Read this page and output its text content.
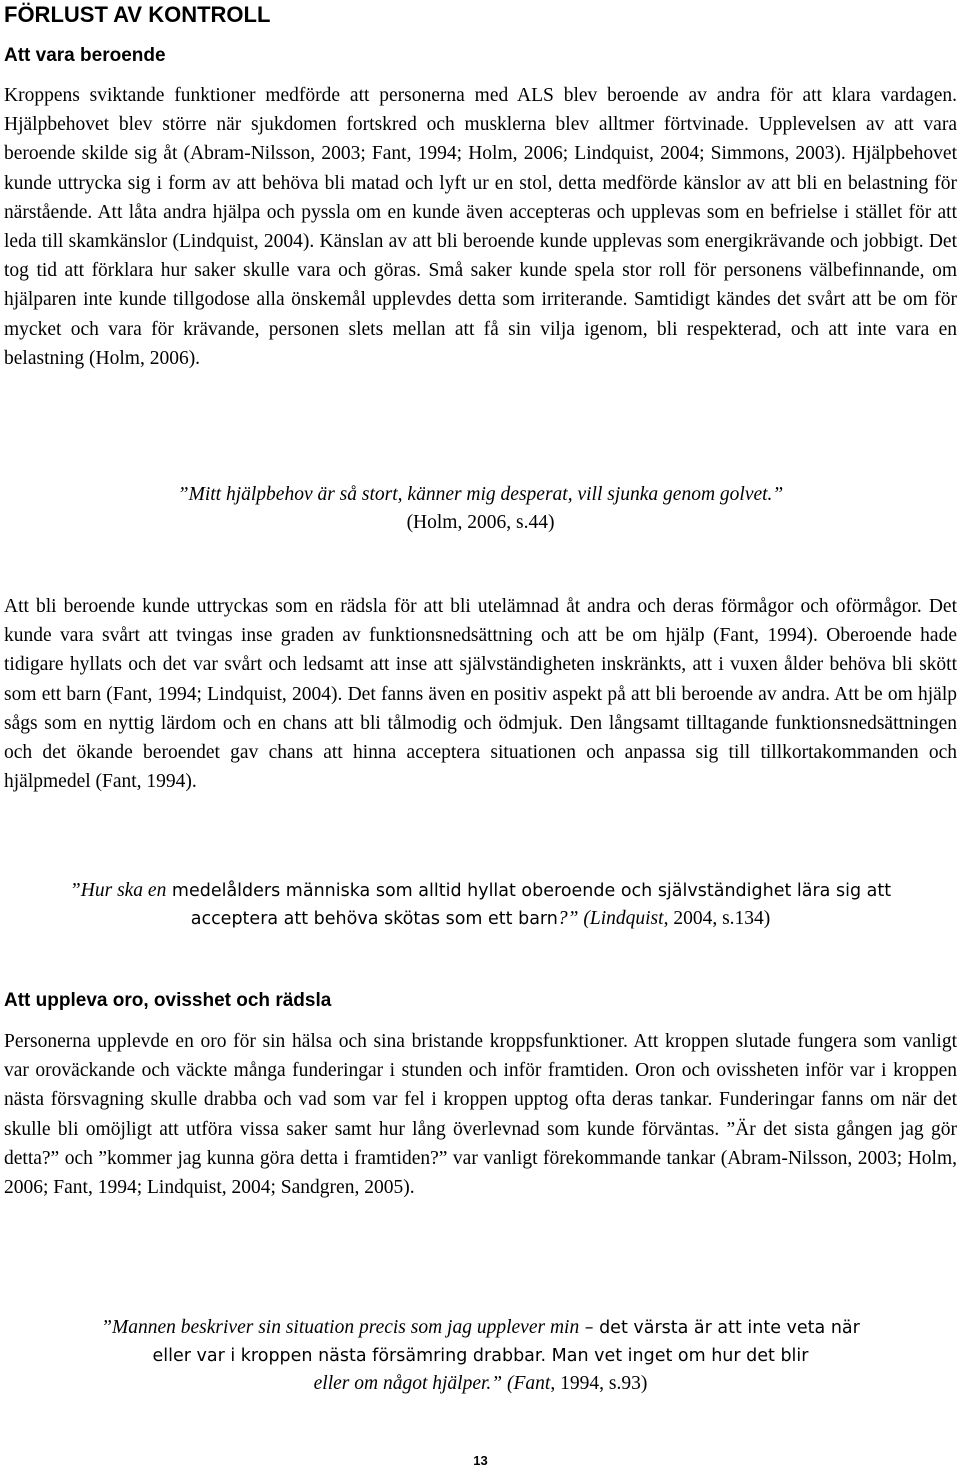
FÖRLUST AV KONTROLL
Att vara beroende

Kroppens sviktande funktioner medförde att personerna med ALS blev beroende av andra för att klara vardagen. Hjälpbehovet blev större när sjukdomen fortskred och musklerna blev alltmer förtvinade. Upplevelsen av att vara beroende skilde sig åt (Abram-Nilsson, 2003; Fant, 1994; Holm, 2006; Lindquist, 2004; Simmons, 2003). Hjälpbehovet kunde uttrycka sig i form av att behöva bli matad och lyft ur en stol, detta medförde känslor av att bli en belastning för närstående. Att låta andra hjälpa och pyssla om en kunde även accepteras och upplevas som en befrielse i stället för att leda till skamkänslor (Lindquist, 2004). Känslan av att bli beroende kunde upplevas som energikrävande och jobbigt. Det tog tid att förklara hur saker skulle vara och göras. Små saker kunde spela stor roll för personens välbefinnande, om hjälparen inte kunde tillgodose alla önskemål upplevdes detta som irriterande. Samtidigt kändes det svårt att be om för mycket och vara för krävande, personen slets mellan att få sin vilja igenom, bli respekterad, och att inte vara en belastning (Holm, 2006).

”Mitt hjälpbehov är så stort, känner mig desperat, vill sjunka genom golvet.”
(Holm, 2006, s.44)

Att bli beroende kunde uttryckas som en rädsla för att bli utelämnad åt andra och deras förmågor och oförmågor. Det kunde vara svårt att tvingas inse graden av funktionsnedsättning och att be om hjälp (Fant, 1994). Oberoende hade tidigare hyllats och det var svårt och ledsamt att inse att självständigheten inskränkts, att i vuxen ålder behöva bli skött som ett barn (Fant, 1994; Lindquist, 2004). Det fanns även en positiv aspekt på att bli beroende av andra. Att be om hjälp sågs som en nyttig lärdom och en chans att bli tålmodig och ödmjuk. Den långsamt tilltagande funktionsnedsättningen och det ökande beroendet gav chans att hinna acceptera situationen och anpassa sig till tillkortakommanden och hjälpmedel (Fant, 1994).

”Hur ska en medelålders människa som alltid hyllat oberoende och självständighet lära sig att
acceptera att behöva skötas som ett barn?” (Lindquist, 2004, s.134)
Att uppleva oro, ovisshet och rädsla

Personerna upplevde en oro för sin hälsa och sina bristande kroppsfunktioner. Att kroppen slutade fungera som vanligt var oroväckande och väckte många funderingar i stunden och inför framtiden. Oron och ovissheten inför var i kroppen nästa försvagning skulle drabba och vad som var fel i kroppen upptog ofta deras tankar. Funderingar fanns om när det skulle bli omöjligt att utföra vissa saker samt hur lång överlevnad som kunde förväntas. ”Är det sista gången jag gör detta?” och ”kommer jag kunna göra detta i framtiden?” var vanligt förekommande tankar (Abram-Nilsson, 2003; Holm, 2006; Fant, 1994; Lindquist, 2004; Sandgren, 2005).

”Mannen beskriver sin situation precis som jag upplever min – det värsta är att inte veta när
eller var i kroppen nästa försämring drabbar. Man vet inget om hur det blir
eller om något hjälper.” (Fant, 1994, s.93)
13
